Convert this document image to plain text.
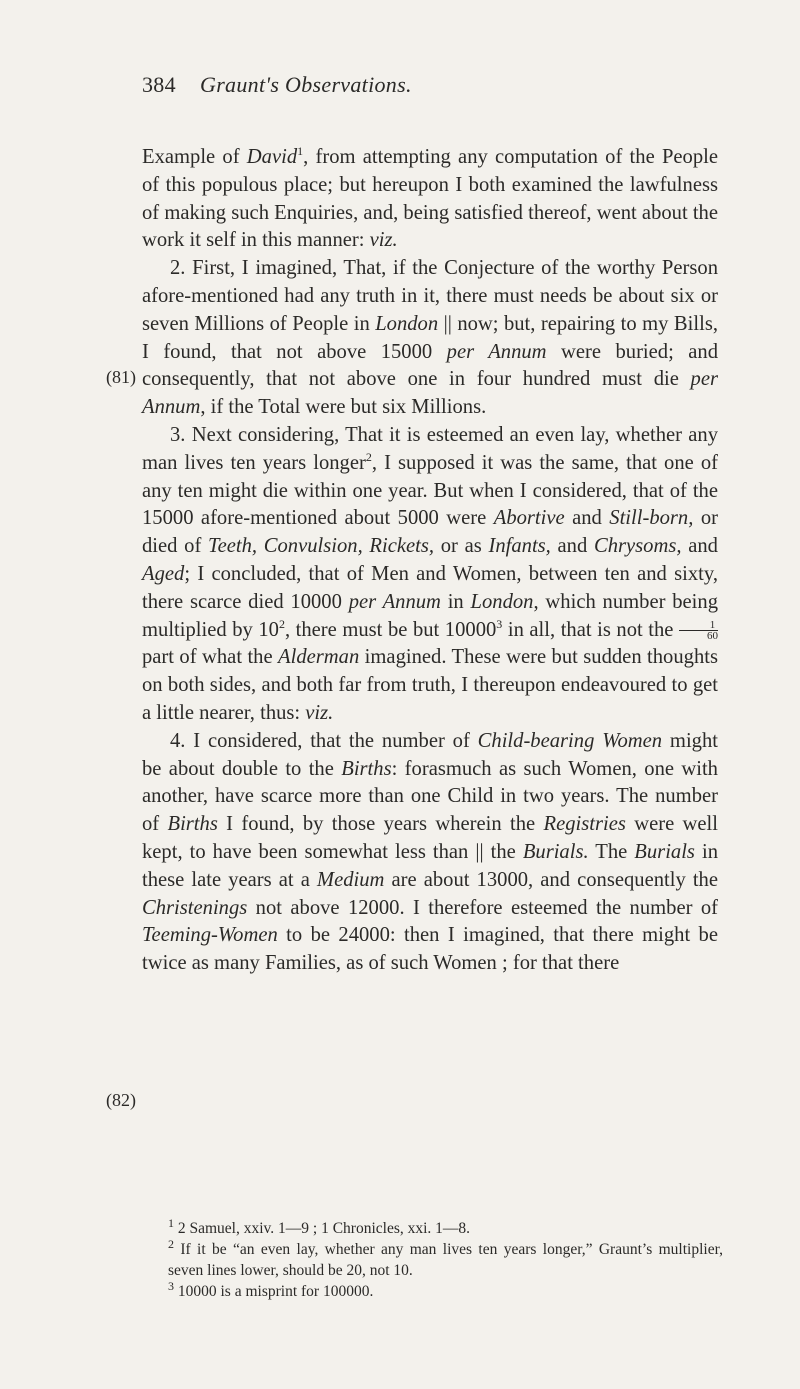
384 Graunt's Observations.
(81)
(82)

Example of David$^1$, from attempting any computation of the People of this populous place; but hereupon I both examined the lawfulness of making such Enquiries, and, being satisfied thereof, went about the work it self in this manner: viz.

2. First, I imagined, That, if the Conjecture of the worthy Person afore-mentioned had any truth in it, there must needs be about six or seven Millions of People in London || now; but, repairing to my Bills, I found, that not above 15000 per Annum were buried; and consequently, that not above one in four hundred must die per Annum, if the Total were but six Millions.

3. Next considering, That it is esteemed an even lay, whether any man lives ten years longer$^2$, I supposed it was the same, that one of any ten might die within one year. But when I considered, that of the 15000 afore-mentioned about 5000 were Abortive and Still-born, or died of Teeth, Convulsion, Rickets, or as Infants, and Chrysoms, and Aged; I concluded, that of Men and Women, between ten and sixty, there scarce died 10000 per Annum in London, which number being multiplied by $10^2$, there must be but 10000$^3$ in all, that is not the $\frac{1}{60}$
part of what the Alderman imagined. These were but sudden thoughts on both sides, and both far from truth, I thereupon endeavoured to get a little nearer, thus: viz.

4. I considered, that the number of Child-bearing Women might be about double to the Births: forasmuch as such Women, one with another, have scarce more than one Child in two years. The number of Births I found, by those years wherein the Registries were well kept, to have been somewhat less than || the Burials. The Burials in these late years at a Medium are about 13000, and consequently the Christenings not above 12000. I therefore esteemed the number of Teeming-Women to be 24000: then I imagined, that there might be twice as many Families, as of such Women ; for that there

$^1$ 2 Samuel, xxiv. 1—9 ; 1 Chronicles, xxi. 1—8.

$^2$ If it be “an even lay, whether any man lives ten years longer,” Graunt’s multiplier, seven lines lower, should be 20, not 10.

$^3$ 10000 is a misprint for 100000.
